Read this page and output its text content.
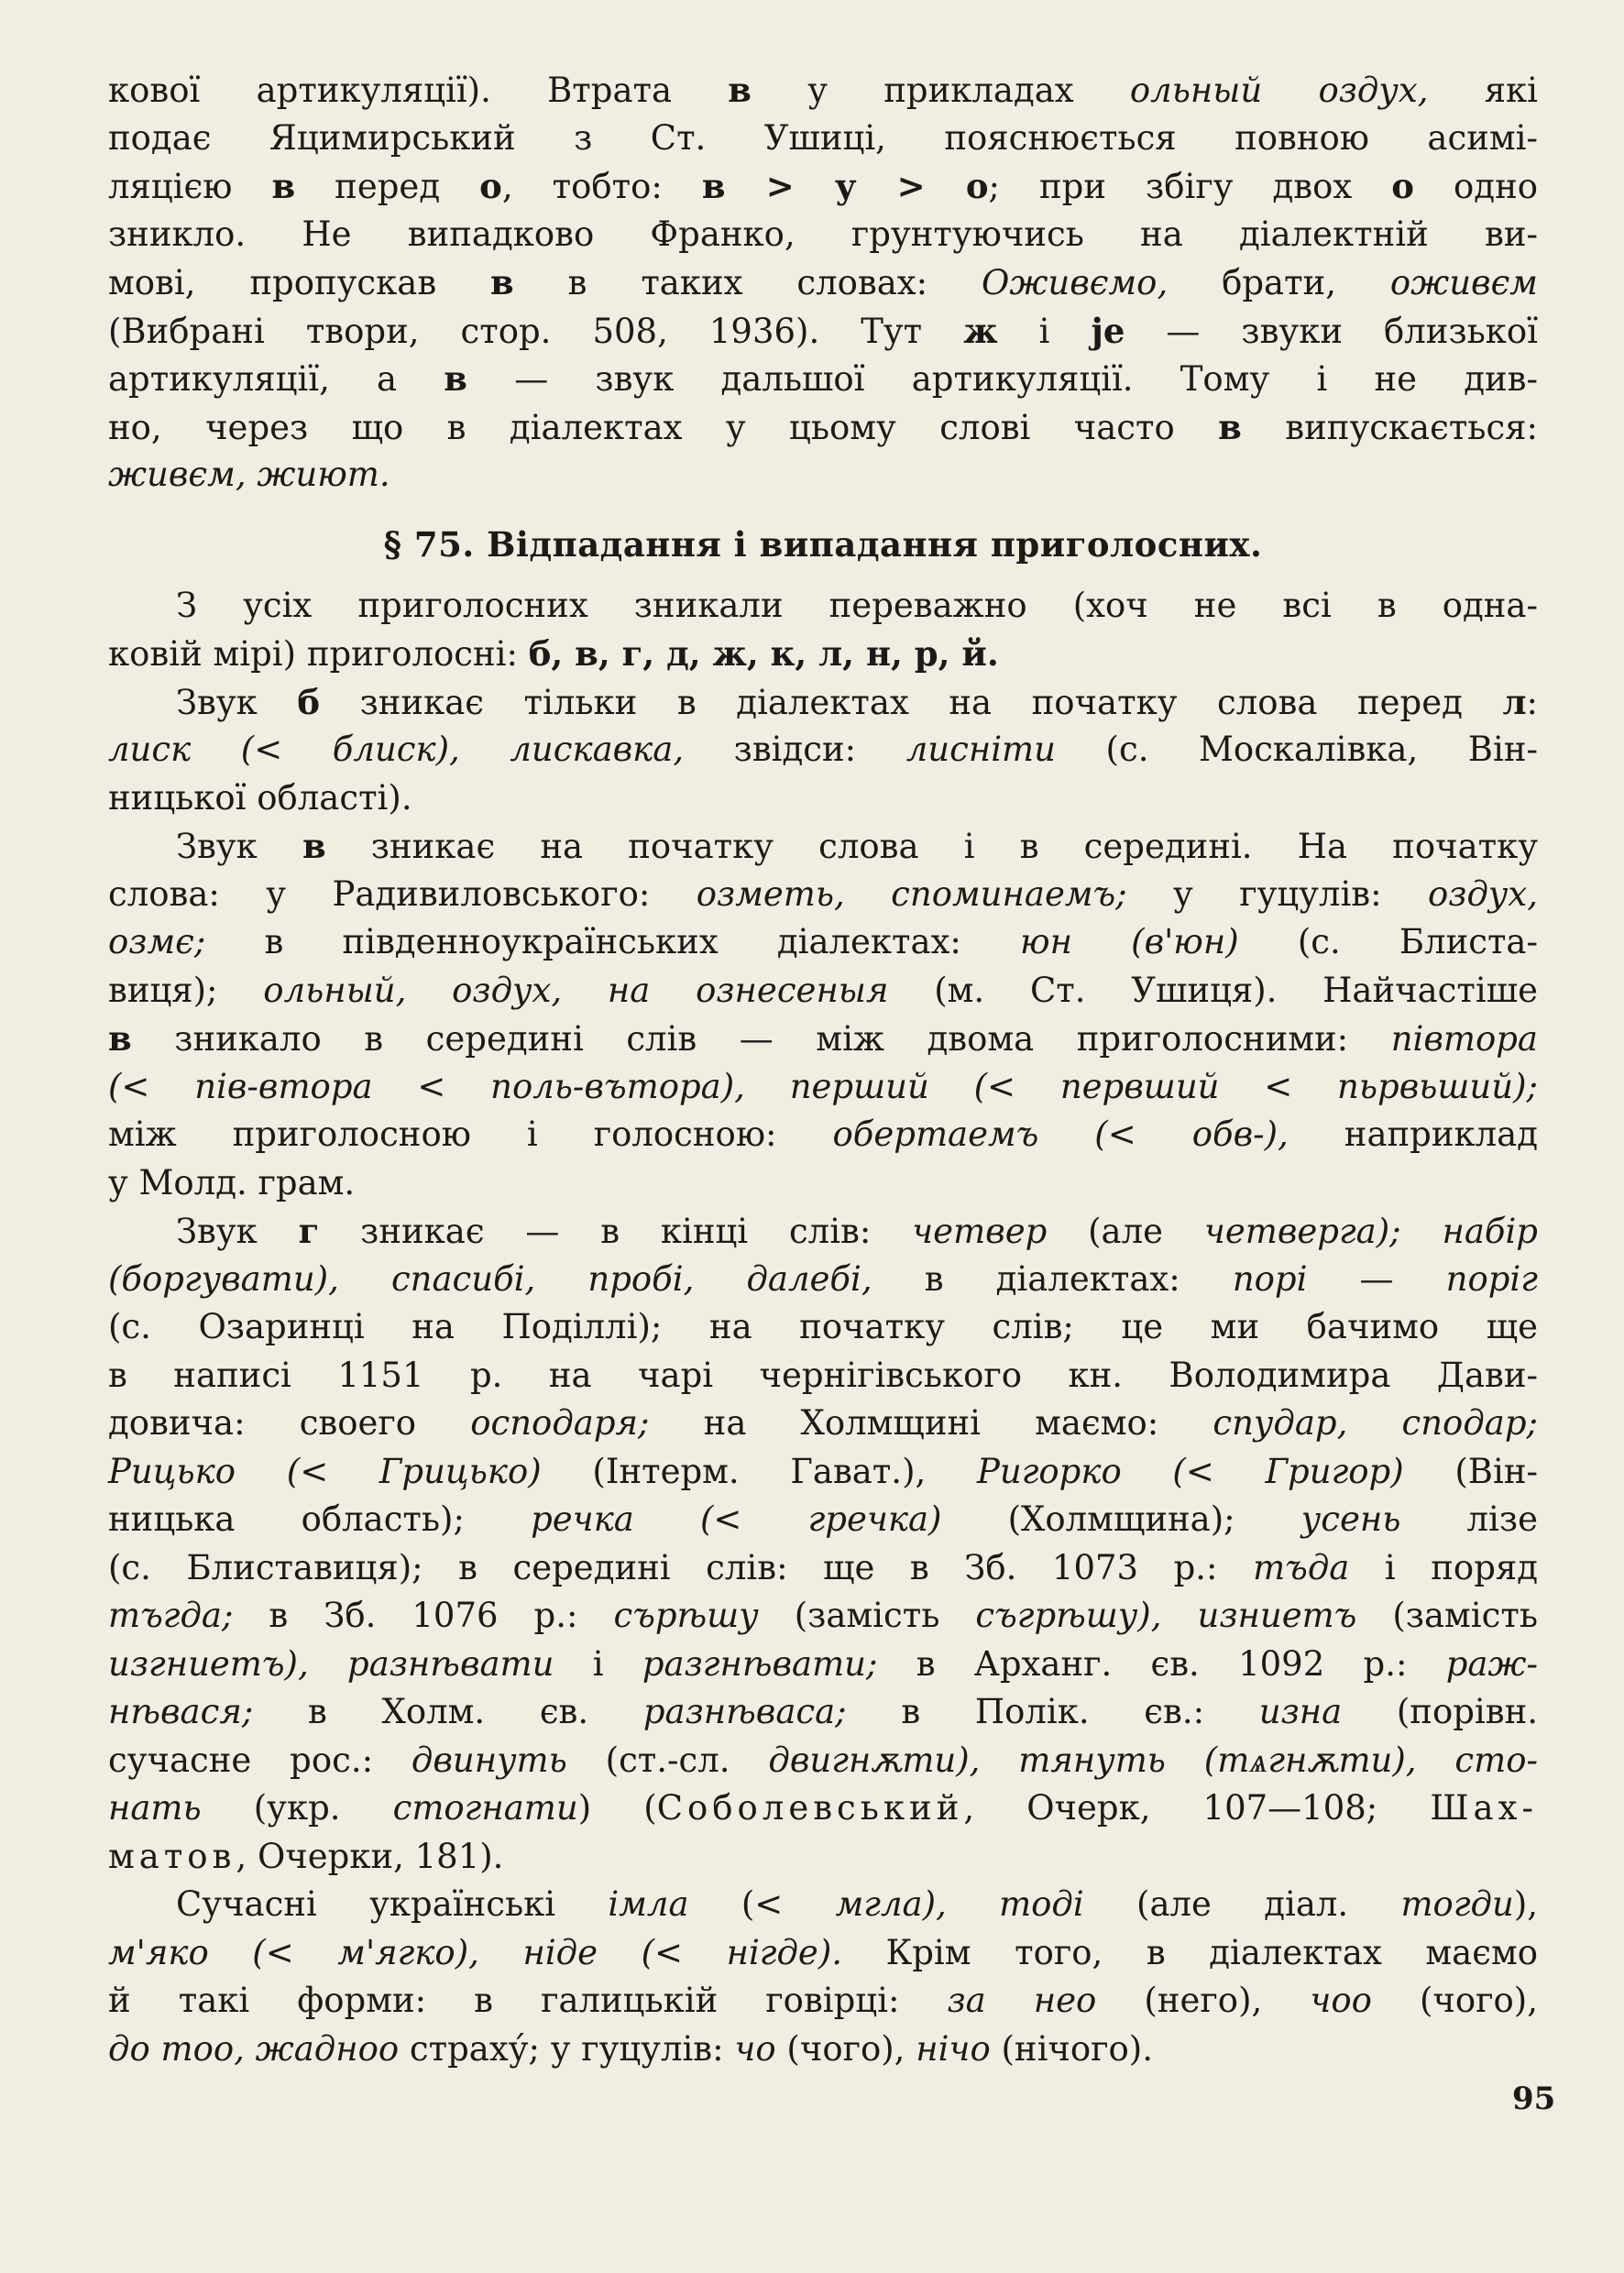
кової артикуляції). Втрата в у прикладах ольный оздух, які
подає Яцимирський з Ст. Ушиці, пояснюється повною асимі-
ляцією в перед о, тобто: в > у > о; при збігу двох о одно
зникло. Не випадково Франко, грунтуючись на діалектній ви-
мові, пропускав в в таких словах: Оживємо, брати, оживєм
(Вибрані твори, стор. 508, 1936). Тут ж і je — звуки близької
артикуляції, а в — звук дальшої артикуляції. Тому і не див-
но, через що в діалектах у цьому слові часто в випускається:
живєм, жиют.
§ 75. Відпадання і випадання приголосних.
З усіх приголосних зникали переважно (хоч не всі в одна-
ковій мірі) приголосні: б, в, г, д, ж, к, л, н, р, й.
Звук б зникає тільки в діалектах на початку слова перед л:
лиск (< блиск), лискавка, звідси: лиснiти (с. Москалівка, Він-
ницької області).
Звук в зникає на початку слова і в середині. На початку
слова: у Радивиловського: озметь, споминаемъ; у гуцулів: оздух,
озмє; в південноукраїнських діалектах: юн (в'юн) (с. Блиста-
виця); ольный, оздух, на oзнeceныя (м. Ст. Ушиця). Найчастіше
в зникало в середині слів — між двома приголосними: півтора
(< пів-втора < поль-вътора), перший (< первший < пьрвьший);
між приголосною і голосною: обертаемъ (< обв-), наприклад
у Молд. грам.
Звук г зникає — в кінці слів: четвер (але четверга); набір
(боргувати), спасибі, пробі, далебі, в діалектах: порі — поріг
(с. Озаринці на Поділлі); на початку слів; це ми бачимо ще
в написі 1151 р. на чарі чернігівського кн. Володимира Дави-
довича: своего осподаря; на Холмщині маємо: спудар, сподар;
Рицько (< Грицько) (Інтерм. Гават.), Ригорко (< Григор) (Він-
ницька область); речка (< гречка) (Холмщина); усень лізе
(с. Блиставиця); в середині слів: ще в Зб. 1073 р.: тъда і поряд
тъгда; в Зб. 1076 р.: сърѣшу (замість съгрѣшу), изниетъ (замість
изгниетъ), разнѣвати і разгнѣвати; в Арханг. єв. 1092 р.: раж-
нѣвася; в Холм. єв. разнѣваса; в Полік. єв.: изна (порівн.
сучасне рос.: двинуть (ст.-сл. двигнѫти), тянуть (тѧгнѫти), сто-
нать (укр. стогнати) (Соболевський, Очерк, 107—108; Шах-
матов, Очерки, 181).
Сучасні українські імла (< мгла), тоді (але діал. тогди),
м'яко (< м'ягко), ніде (< нігде). Крім того, в діалектах маємо
й такі форми: в галицькій говірці: за нео (него), чоо (чого),
до тоо, жадноо страху́; у гуцулів: чо (чого), нічо (нічого).
95
